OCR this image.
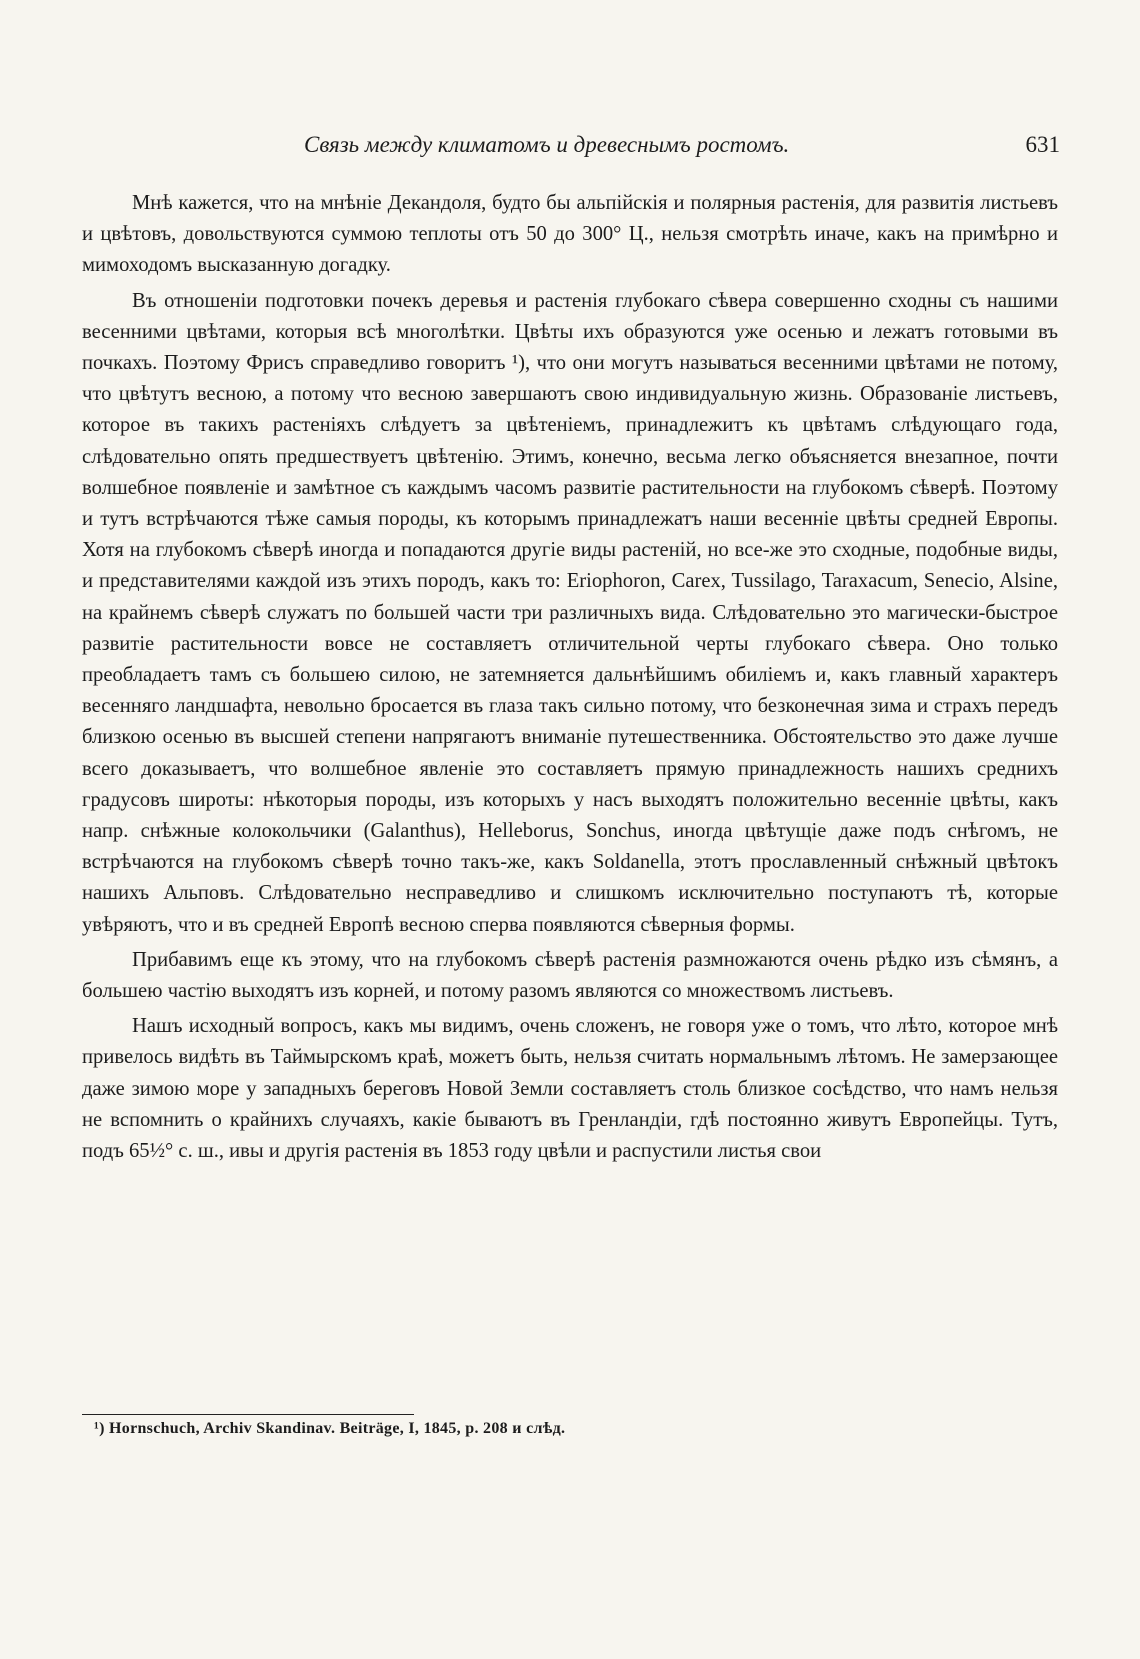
Связь между климатомъ и древеснымъ ростомъ.	631

Мнѣ кажется, что на мнѣніе Декандоля, будто бы альпійскія и полярныя растенія, для развитія листьевъ и цвѣтовъ, довольствуются суммою теплоты отъ 50 до 300° Ц., нельзя смотрѣть иначе, какъ на примѣрно и мимоходомъ высказанную догадку.

Въ отношеніи подготовки почекъ деревья и растенія глубокаго сѣвера совершенно сходны съ нашими весенними цвѣтами, которыя всѣ многолѣтки. Цвѣты ихъ образуются уже осенью и лежатъ готовыми въ почкахъ. Поэтому Фрисъ справедливо говоритъ ¹), что они могутъ называться весенними цвѣтами не потому, что цвѣтутъ весною, а потому что весною завершаютъ свою индивидуальную жизнь. Образованіе листьевъ, которое въ такихъ растеніяхъ слѣдуетъ за цвѣтеніемъ, принадлежитъ къ цвѣтамъ слѣдующаго года, слѣдовательно опять предшествуетъ цвѣтенію. Этимъ, конечно, весьма легко объясняется внезапное, почти волшебное появленіе и замѣтное съ каждымъ часомъ развитіе растительности на глубокомъ сѣверѣ. Поэтому и тутъ встрѣчаются тѣже самыя породы, къ которымъ принадлежатъ наши весенніе цвѣты средней Европы. Хотя на глубокомъ сѣверѣ иногда и попадаются другіе виды растеній, но все-же это сходные, подобные виды, и представителями каждой изъ этихъ породъ, какъ то: Eriophoron, Carex, Tussilago, Taraxacum, Senecio, Alsine, на крайнемъ сѣверѣ служатъ по большей части три различныхъ вида. Слѣдовательно это магически-быстрое развитіе растительности вовсе не составляетъ отличительной черты глубокаго сѣвера. Оно только преобладаетъ тамъ съ большею силою, не затемняется дальнѣйшимъ обиліемъ и, какъ главный характеръ весенняго ландшафта, невольно бросается въ глаза такъ сильно потому, что безконечная зима и страхъ передъ близкою осенью въ высшей степени напрягаютъ вниманіе путешественника. Обстоятельство это даже лучше всего доказываетъ, что волшебное явленіе это составляетъ прямую принадлежность нашихъ среднихъ градусовъ широты: нѣкоторыя породы, изъ которыхъ у насъ выходятъ положительно весенніе цвѣты, какъ напр. снѣжные колокольчики (Galanthus), Helleborus, Sonchus, иногда цвѣтущіе даже подъ снѣгомъ, не встрѣчаются на глубокомъ сѣверѣ точно такъ-же, какъ Soldanella, этотъ прославленный снѣжный цвѣтокъ нашихъ Альповъ. Слѣдовательно несправедливо и слишкомъ исключительно поступаютъ тѣ, которые увѣряютъ, что и въ средней Европѣ весною сперва появляются сѣверныя формы.

Прибавимъ еще къ этому, что на глубокомъ сѣверѣ растенія размножаются очень рѣдко изъ сѣмянъ, а большею частію выходятъ изъ корней, и потому разомъ являются со множествомъ листьевъ.

Нашъ исходный вопросъ, какъ мы видимъ, очень сложенъ, не говоря уже о томъ, что лѣто, которое мнѣ привелось видѣть въ Таймырскомъ краѣ, можетъ быть, нельзя считать нормальнымъ лѣтомъ. Не замерзающее даже зимою море у западныхъ береговъ Новой Земли составляетъ столь близкое сосѣдство, что намъ нельзя не вспомнить о крайнихъ случаяхъ, какіе бываютъ въ Гренландіи, гдѣ постоянно живутъ Европейцы. Тутъ, подъ 65½° с. ш., ивы и другія растенія въ 1853 году цвѣли и распустили листья свои

¹) Hornschuch, Archiv Skandinav. Beiträge, I, 1845, p. 208 и слѣд.
